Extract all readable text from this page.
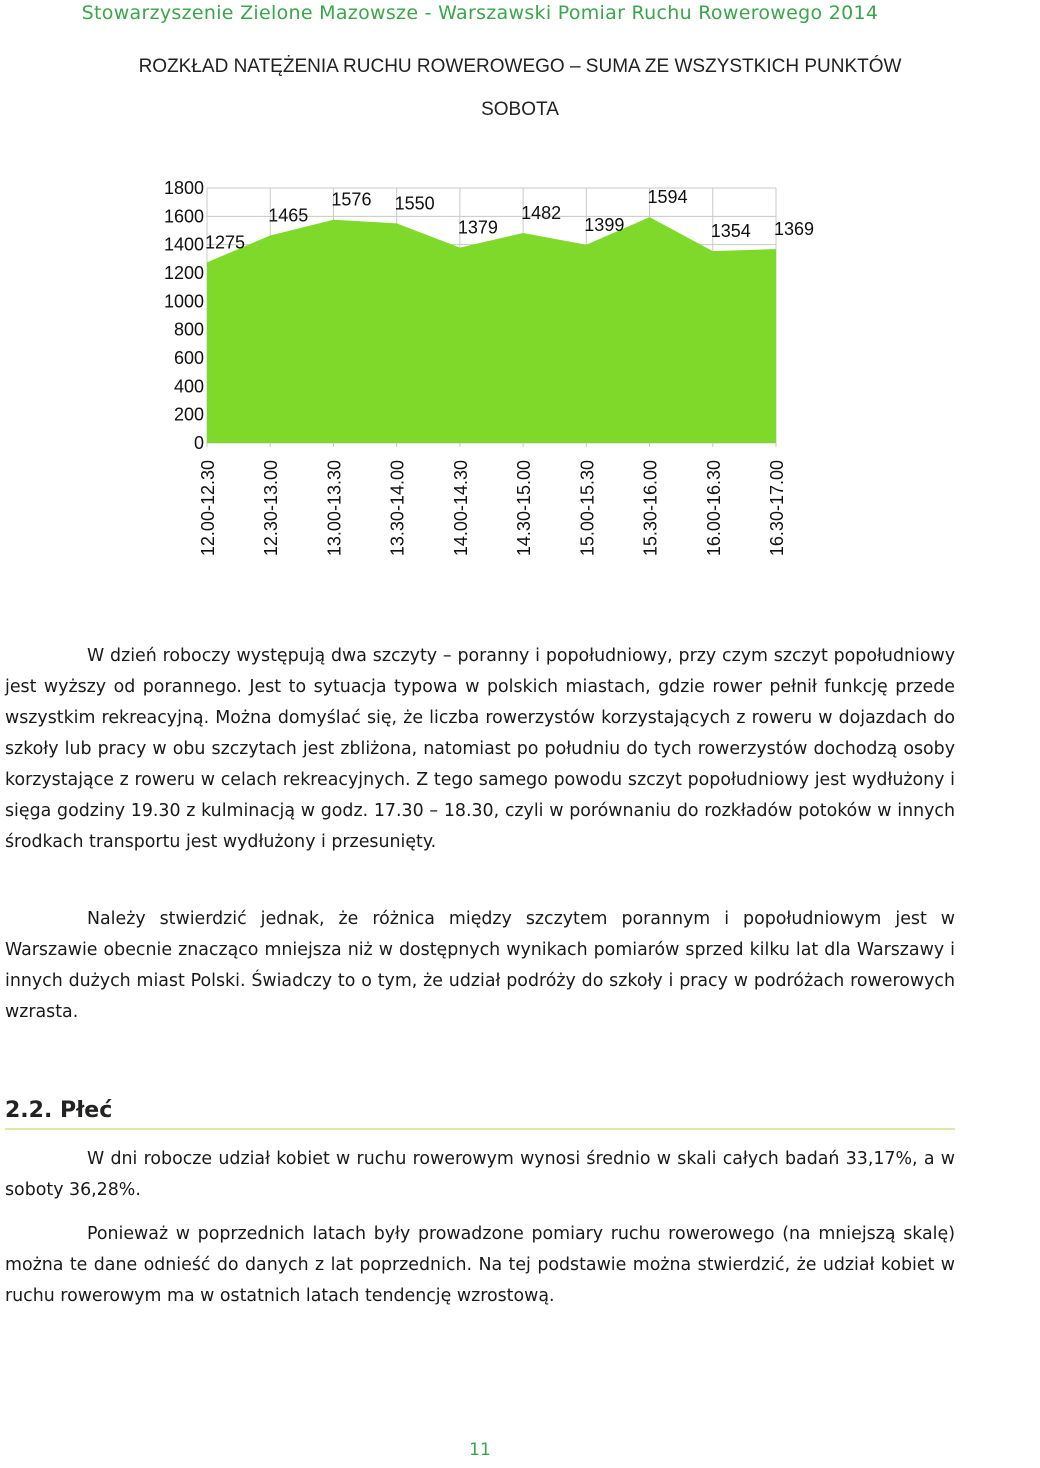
Stowarzyszenie Zielone Mazowsze - Warszawski Pomiar Ruchu Rowerowego 2014
ROZKŁAD NATĘŻENIA RUCHU ROWEROWEGO – SUMA ZE WSZYSTKICH PUNKTÓW
SOBOTA
0
200
400
600
800
1000
1200
1400
1600
1800
1275
1465
1576 1550
1379
1482
1399
1594
1354 1369
12.00-12.30 12.30-13.00 13.00-13.30 13.30-14.00 14.00-14.30 14.30-15.00 15.00-15.30 15.30-16.00 16.00-16.30 16.30-17.00

W dzień roboczy występują dwa szczyty – poranny i popołudniowy, przy czym szczyt popołudniowy jest wyższy od porannego. Jest to sytuacja typowa w polskich miastach, gdzie rower pełnił funkcję przede wszystkim rekreacyjną. Można domyślać się, że liczba rowerzystów korzystających z roweru w dojazdach do szkoły lub pracy w obu szczytach jest zbliżona, natomiast po południu do tych rowerzystów dochodzą osoby korzystające z roweru w celach rekreacyjnych. Z tego samego powodu szczyt popołudniowy jest wydłużony i sięga godziny 19.30 z kulminacją w godz. 17.30 – 18.30, czyli w porównaniu do rozkładów potoków w innych środkach transportu jest wydłużony i przesunięty.

Należy stwierdzić jednak, że różnica między szczytem porannym i popołudniowym jest w Warszawie obecnie znacząco mniejsza niż w dostępnych wynikach pomiarów sprzed kilku lat dla Warszawy i innych dużych miast Polski. Świadczy to o tym, że udział podróży do szkoły i pracy w podróżach rowerowych wzrasta.

2.2. Płeć

W dni robocze udział kobiet w ruchu rowerowym wynosi średnio w skali całych badań 33,17%, a w soboty 36,28%.

Ponieważ w poprzednich latach były prowadzone pomiary ruchu rowerowego (na mniejszą skalę) można te dane odnieść do danych z lat poprzednich. Na tej podstawie można stwierdzić, że udział kobiet w ruchu rowerowym ma w ostatnich latach tendencję wzrostową.

11
